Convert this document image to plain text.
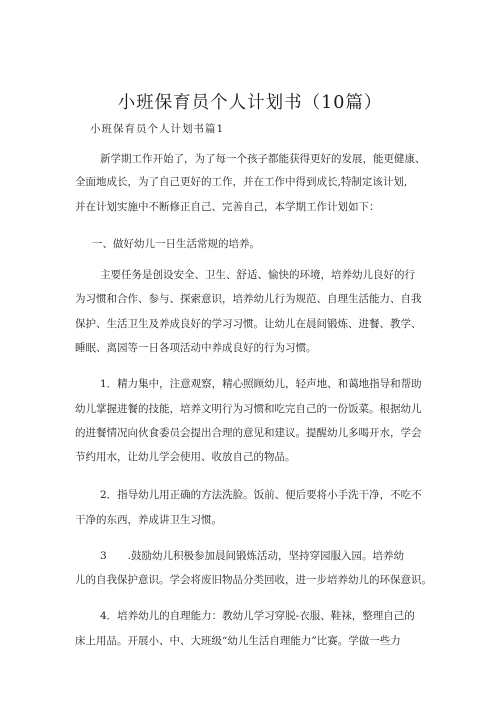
小班保育员个人计划书（10篇）
小班保育员个人计划书篇1
新学期工作开始了，为了每一个孩子都能获得更好的发展，能更健康、
全面地成长，为了自己更好的工作，并在工作中得到成长,特制定该计划,
并在计划实施中不断修正自己、完善自己，本学期工作计划如下：
一、做好幼儿一日生活常规的培养。
主要任务是创设安全、卫生、舒适、愉快的环境，培养幼儿良好的行
为习惯和合作、参与、探索意识，培养幼儿行为规范、自理生活能力、自我
保护、生活卫生及养成良好的学习习惯。让幼儿在晨间锻炼、进餐、教学、
睡眠、离园等一日各项活动中养成良好的行为习惯。
1．精力集中，注意观察，精心照顾幼儿，轻声地、和蔼地指导和帮助
幼儿掌握进餐的技能，培养文明行为习惯和吃完自己的一份饭菜。根据幼儿
的进餐情况向伙食委员会提出合理的意见和建议。提醒幼儿多喝开水，学会
节约用水，让幼儿学会使用、收放自己的物品。
2．指导幼儿用正确的方法洗脸。饭前、便后要将小手洗干净，不吃不
干净的东西，养成讲卫生习惯。
3　　.鼓励幼儿积极参加晨间锻炼活动，坚持穿园服入园。培养幼
儿的自我保护意识。学会将废旧物品分类回收，进一步培养幼儿的环保意识。
4．培养幼儿的自理能力：教幼儿学习穿脱-衣服、鞋袜，整理自己的
床上用品。开展小、中、大班级“幼儿生活自理能力”比赛。学做一些力
